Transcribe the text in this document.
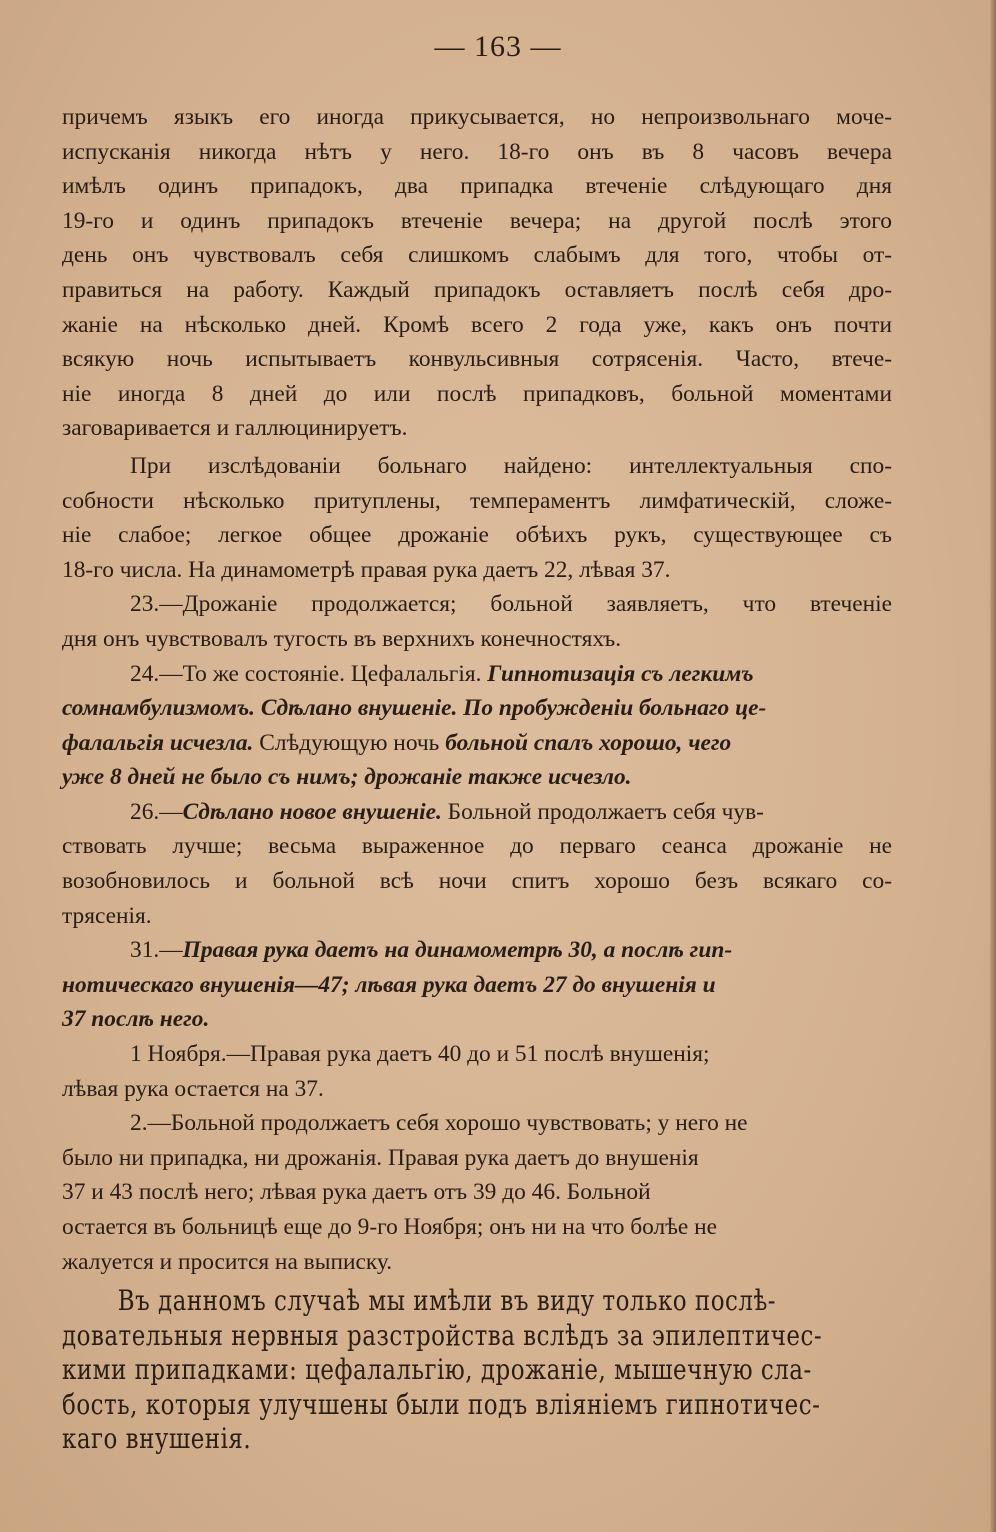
— 163 —
причемъ языкъ его иногда прикусывается, но непроизвольнаго моче-
испусканія никогда нѣтъ у него. 18-го онъ въ 8 часовъ вечера
имѣлъ одинъ припадокъ, два припадка втеченіе слѣдующаго дня
19-го и одинъ припадокъ втеченіе вечера; на другой послѣ этого
день онъ чувствовалъ себя слишкомъ слабымъ для того, чтобы от-
правиться на работу. Каждый припадокъ оставляетъ послѣ себя дро-
жаніе на нѣсколько дней. Кромѣ всего 2 года уже, какъ онъ почти
всякую ночь испытываетъ конвульсивныя сотрясенія. Часто, втече-
ніе иногда 8 дней до или послѣ припадковъ, больной моментами
заговаривается и галлюцинируетъ.
При изслѣдованіи больнаго найдено: интеллектуальныя спо-
собности нѣсколько притуплены, темпераментъ лимфатическій, сложе-
ніе слабое; легкое общее дрожаніе обѣихъ рукъ, существующее съ
18-го числа. На динамометрѣ правая рука даетъ 22, лѣвая 37.
23.—Дрожаніе продолжается; больной заявляетъ, что втеченіе
дня онъ чувствовалъ тугость въ верхнихъ конечностяхъ.
24.—То же состояніе. Цефалальгія. Гипнотизація съ легкимъ
сомнамбулизмомъ. Сдѣлано внушеніе. По пробужденіи больнаго це-
фалальгія исчезла. Слѣдующую ночь больной спалъ хорошо, чего
уже 8 дней не было съ нимъ; дрожаніе также исчезло.
26.—Сдѣлано новое внушеніе. Больной продолжаетъ себя чув-
ствовать лучше; весьма выраженное до перваго сеанса дрожаніе не
возобновилось и больной всѣ ночи спитъ хорошо безъ всякаго со-
трясенія.
31.—Правая рука даетъ на динамометрѣ 30, а послѣ гип-
нотическаго внушенія—47; лѣвая рука даетъ 27 до внушенія и
37 послѣ него.
1 Ноября.—Правая рука даетъ 40 до и 51 послѣ внушенія;
лѣвая рука остается на 37.
2.—Больной продолжаетъ себя хорошо чувствовать; у него не
было ни припадка, ни дрожанія. Правая рука даетъ до внушенія
37 и 43 послѣ него; лѣвая рука даетъ отъ 39 до 46. Больной
остается въ больницѣ еще до 9-го Ноября; онъ ни на что болѣе не
жалуется и просится на выписку.
Въ данномъ случаѣ мы имѣли въ виду только послѣ-
довательныя нервныя разстройства вслѣдъ за эпилептичес-
кими припадками: цефалальгію, дрожаніе, мышечную сла-
бость, которыя улучшены были подъ вліяніемъ гипнотичес-
каго внушенія.
